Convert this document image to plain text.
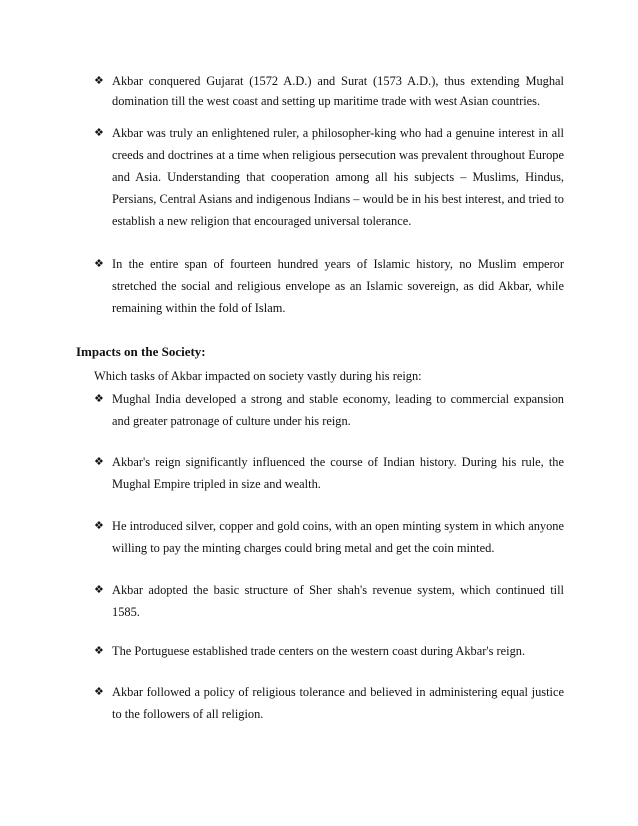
❖ Akbar conquered Gujarat (1572 A.D.) and Surat (1573 A.D.), thus extending Mughal domination till the west coast and setting up maritime trade with west Asian countries.
❖ Akbar was truly an enlightened ruler, a philosopher-king who had a genuine interest in all creeds and doctrines at a time when religious persecution was prevalent throughout Europe and Asia. Understanding that cooperation among all his subjects – Muslims, Hindus, Persians, Central Asians and indigenous Indians – would be in his best interest, and tried to establish a new religion that encouraged universal tolerance.
❖ In the entire span of fourteen hundred years of Islamic history, no Muslim emperor stretched the social and religious envelope as an Islamic sovereign, as did Akbar, while remaining within the fold of Islam.
Impacts on the Society:
Which tasks of Akbar impacted on society vastly during his reign:
❖ Mughal India developed a strong and stable economy, leading to commercial expansion and greater patronage of culture under his reign.
❖ Akbar's reign significantly influenced the course of Indian history. During his rule, the Mughal Empire tripled in size and wealth.
❖ He introduced silver, copper and gold coins, with an open minting system in which anyone willing to pay the minting charges could bring metal and get the coin minted.
❖ Akbar adopted the basic structure of Sher shah's revenue system, which continued till 1585.
❖ The Portuguese established trade centers on the western coast during Akbar's reign.
❖ Akbar followed a policy of religious tolerance and believed in administering equal justice to the followers of all religion.
